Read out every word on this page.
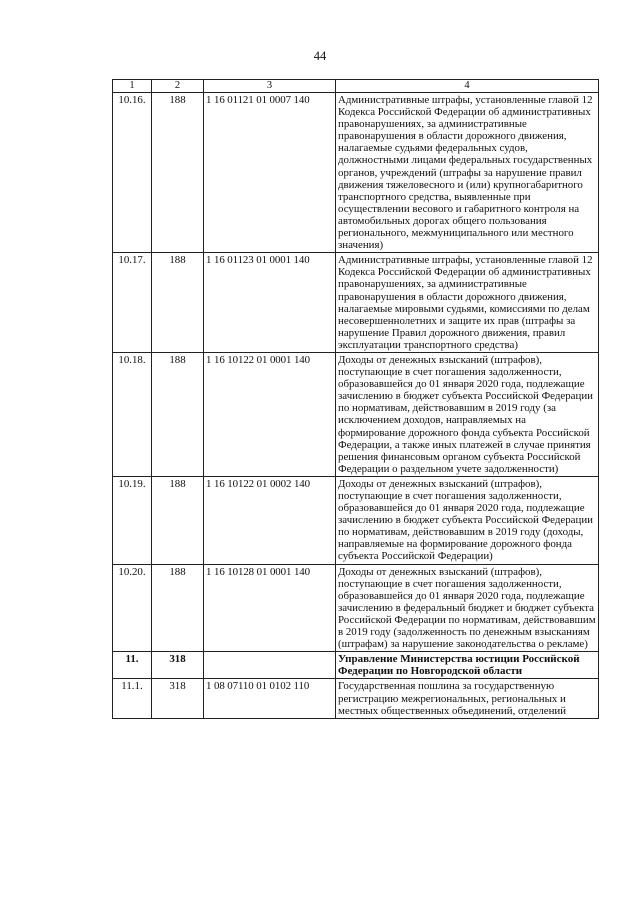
44
1	2	3	4
10.16.	188	1 16 01121 01 0007 140	Административные штрафы, установленные главой 12 Кодекса Российской Федерации об административных правонарушениях, за административные правонарушения в области дорожного движения, налагаемые судьями федеральных судов, должностными лицами федеральных государственных органов, учреждений (штрафы за нарушение правил движения тяжеловесного и (или) крупногабаритного транспортного средства, выявленные при осуществлении весового и габаритного контроля на автомобильных дорогах общего пользования регионального, межмуниципального или местного значения)
10.17.	188	1 16 01123 01 0001 140	Административные штрафы, установленные главой 12 Кодекса Российской Федерации об административных правонарушениях, за административные правонарушения в области дорожного движения, налагаемые мировыми судьями, комиссиями по делам несовершеннолетних и защите их прав (штрафы за нарушение Правил дорожного движения, правил эксплуатации транспортного средства)
10.18.	188	1 16 10122 01 0001 140	Доходы от денежных взысканий (штрафов), поступающие в счет погашения задолженности, образовавшейся до 01 января 2020 года, подлежащие зачислению в бюджет субъекта Российской Федерации по нормативам, действовавшим в 2019 году (за исключением доходов, направляемых на формирование дорожного фонда субъекта Российской Федерации, а также иных платежей в случае принятия решения финансовым органом субъекта Российской Федерации о раздельном учете задолженности)
10.19.	188	1 16 10122 01 0002 140	Доходы от денежных взысканий (штрафов), поступающие в счет погашения задолженности, образовавшейся до 01 января 2020 года, подлежащие зачислению в бюджет субъекта Российской Федерации по нормативам, действовавшим в 2019 году (доходы, направляемые на формирование дорожного фонда субъекта Российской Федерации)
10.20.	188	1 16 10128 01 0001 140	Доходы от денежных взысканий (штрафов), поступающие в счет погашения задолженности, образовавшейся до 01 января 2020 года, подлежащие зачислению в федеральный бюджет и бюджет субъекта Российской Федерации по нормативам, действовавшим в 2019 году (задолженность по денежным взысканиям (штрафам) за нарушение законодательства о рекламе)
11.	318		Управление Министерства юстиции Российской Федерации по Новгородской области
11.1.	318	1 08 07110 01 0102 110	Государственная пошлина за государственную регистрацию межрегиональных, региональных и местных общественных объединений, отделений
